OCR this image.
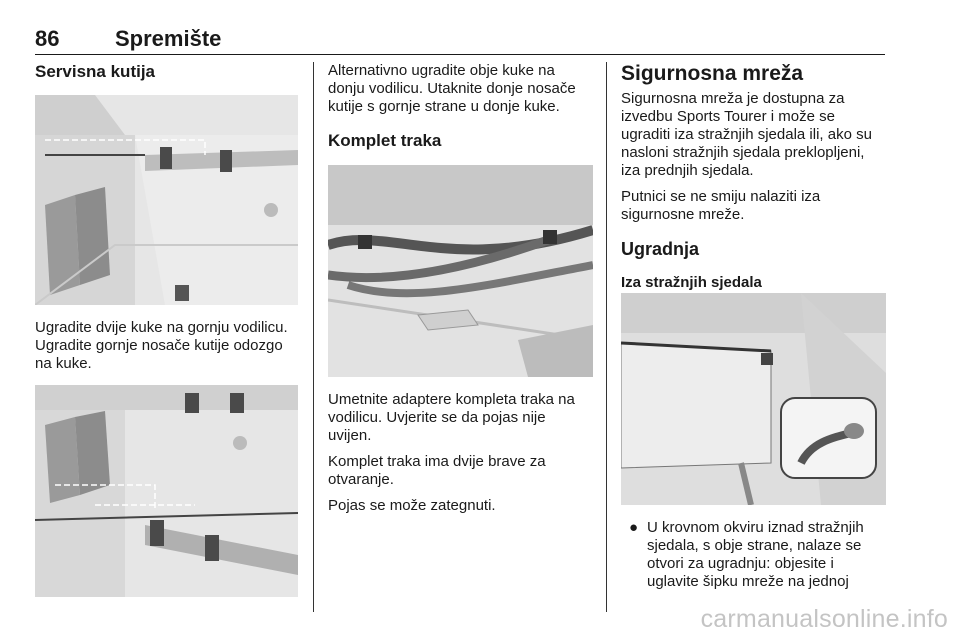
86	Spremište
Servisna kutija

Ugradite dvije kuke na gornju vodilicu. Ugradite gornje nosače kutije odozgo na kuke.

Alternativno ugradite obje kuke na donju vodilicu. Utaknite donje nosače kutije s gornje strane u donje kuke.

Komplet traka

Umetnite adaptere kompleta traka na vodilicu. Uvjerite se da pojas nije uvijen.

Komplet traka ima dvije brave za otvaranje.

Pojas se može zategnuti.

Sigurnosna mreža

Sigurnosna mreža je dostupna za izvedbu Sports Tourer i može se ugraditi iza stražnjih sjedala ili, ako su nasloni stražnjih sjedala preklopljeni, iza prednjih sjedala.

Putnici se ne smiju nalaziti iza sigurnosne mreže.

Ugradnja
Iza stražnjih sjedala
● U krovnom okviru iznad stražnjih sjedala, s obje strane, nalaze se otvori za ugradnju: objesite i uglavite šipku mreže na jednoj
carmanualsonline.info
